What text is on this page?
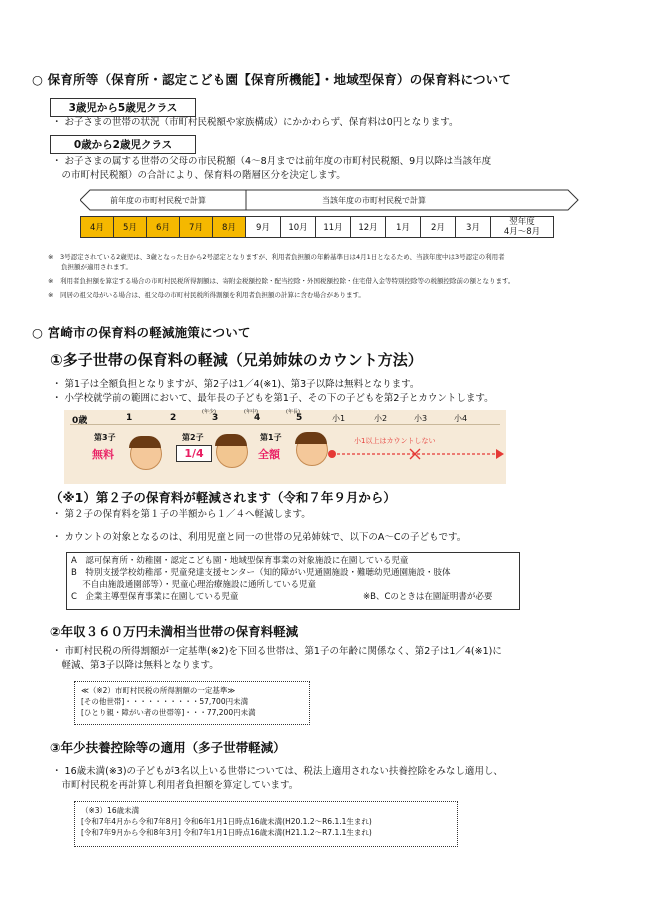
○ 保育所等（保育所・認定こども園【保育所機能】・地域型保育）の保育料について
3歳児から5歳児クラス
・ お子さまの世帯の状況（市町村民税額や家族構成）にかかわらず、保育料は0円となります。
0歳から2歳児クラス
・ お子さまの属する世帯の父母の市民税額（4～8月までは前年度の市町村民税額、9月以降は当該年度
　の市町村民税額）の合計により、保育料の階層区分を決定します。
前年度の市町村民税で計算	当該年度の市町村民税で計算
4月	5月	6月	7月	8月	9月	10月	11月	12月	1月	2月	3月	
翌年度
4月～8月
※　3号認定されている2歳児は、3歳となった日から2号認定となりますが、利用者負担額の年齢基準日は4月1日となるため、当該年度中は3号認定の利用者
　　負担額が適用されます。
※　利用者負担額を算定する場合の市町村民税所得割額は、寄附金税額控除・配当控除・外国税額控除・住宅借入金等特別控除等の税額控除前の額となります。
※　同居の祖父母がいる場合は、祖父母の市町村民税所得割額を利用者負担額の計算に含む場合があります。
○ 宮崎市の保育料の軽減施策について
①多子世帯の保育料の軽減（兄弟姉妹のカウント方法）
・ 第1子は全額負担となりますが、第2子は1／4(※1)、第3子以降は無料となります。
・ 小学校就学前の範囲において、最年長の子どもを第1子、その下の子どもを第2子とカウントします。
0歳	1	2	3	4	5	小1	小2	小3	小4
(年少)	(年中)	(年長)
第3子
無料
第2子
1/4
第1子
全額
小1以上はカウントしない
（※1）第２子の保育料が軽減されます（令和７年９月から）
・ 第２子の保育料を第１子の半額から１／４へ軽減します。
・ カウントの対象となるのは、利用児童と同一の世帯の兄弟姉妹で、以下のA～Cの子どもです。
A　認可保育所・幼稚園・認定こども園・地域型保育事業の対象施設に在園している児童
B　特別支援学校幼稚部・児童発達支援センター（知的障がい児通園施設・難聴幼児通園施設・肢体
　 不自由施設通園部等）・児童心理治療施設に通所している児童
C　企業主導型保育事業に在園している児童	※B、Cのときは在園証明書が必要
②年収３６０万円未満相当世帯の保育料軽減
・ 市町村民税の所得割額が一定基準(※2)を下回る世帯は、第1子の年齢に関係なく、第2子は1／4(※1)に
　軽減、第3子以降は無料となります。
≪（※2）市町村民税の所得割額の一定基準≫
[その他世帯]・・・・・・・・・・57,700円未満
[ひとり親・障がい者の世帯等]・・・77,200円未満
③年少扶養控除等の適用（多子世帯軽減）
・ 16歳未満(※3)の子どもが3名以上いる世帯については、税法上適用されない扶養控除をみなし適用し、
　市町村民税を再計算し利用者負担額を算定しています。
（※3）16歳未満
[令和7年4月から令和7年8月] 令和6年1月1日時点16歳未満(H20.1.2～R6.1.1生まれ)
[令和7年9月から令和8年3月] 令和7年1月1日時点16歳未満(H21.1.2～R7.1.1生まれ)
